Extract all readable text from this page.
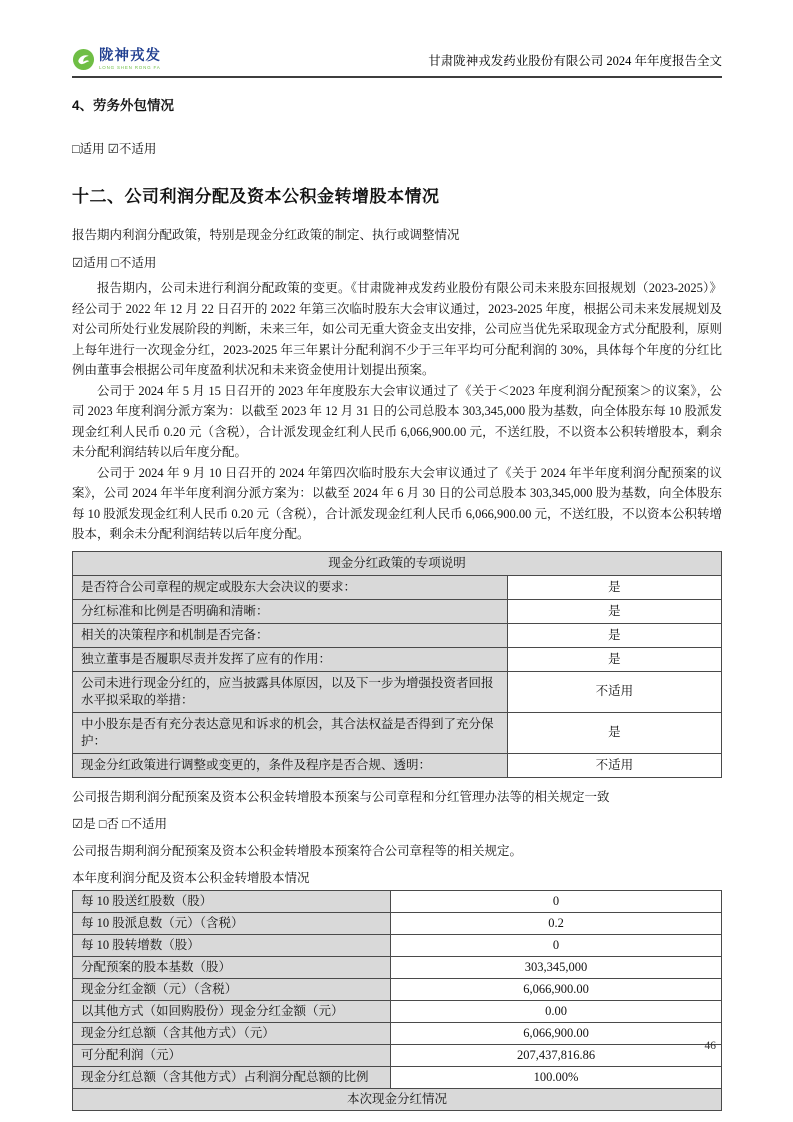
陇神戎发
LONG SHEN RONG FA	甘肃陇神戎发药业股份有限公司 2024 年年度报告全文
4、劳务外包情况
□适用 ☑不适用
十二、公司利润分配及资本公积金转增股本情况
报告期内利润分配政策，特别是现金分红政策的制定、执行或调整情况
☑适用 □不适用

报告期内，公司未进行利润分配政策的变更。《甘肃陇神戎发药业股份有限公司未来股东回报规划（2023-2025）》经公司于 2022 年 12 月 22 日召开的 2022 年第三次临时股东大会审议通过，2023-2025 年度，根据公司未来发展规划及对公司所处行业发展阶段的判断，未来三年，如公司无重大资金支出安排，公司应当优先采取现金方式分配股利，原则上每年进行一次现金分红，2023-2025 年三年累计分配利润不少于三年平均可分配利润的 30%，具体每个年度的分红比例由董事会根据公司年度盈利状况和未来资金使用计划提出预案。

公司于 2024 年 5 月 15 日召开的 2023 年年度股东大会审议通过了《关于＜2023 年度利润分配预案＞的议案》，公司 2023 年度利润分派方案为：以截至 2023 年 12 月 31 日的公司总股本 303,345,000 股为基数，向全体股东每 10 股派发现金红利人民币 0.20 元（含税），合计派发现金红利人民币 6,066,900.00 元，不送红股，不以资本公积转增股本，剩余未分配利润结转以后年度分配。

公司于 2024 年 9 月 10 日召开的 2024 年第四次临时股东大会审议通过了《关于 2024 年半年度利润分配预案的议案》，公司 2024 年半年度利润分派方案为：以截至 2024 年 6 月 30 日的公司总股本 303,345,000 股为基数，向全体股东每 10 股派发现金红利人民币 0.20 元（含税），合计派发现金红利人民币 6,066,900.00 元，不送红股，不以资本公积转增股本，剩余未分配利润结转以后年度分配。

现金分红政策的专项说明	
是否符合公司章程的规定或股东大会决议的要求：	是
分红标准和比例是否明确和清晰：	是
相关的决策程序和机制是否完备：	是
独立董事是否履职尽责并发挥了应有的作用：	是
公司未进行现金分红的，应当披露具体原因，以及下一步为增强投资者回报水平拟采取的举措：	不适用
中小股东是否有充分表达意见和诉求的机会，其合法权益是否得到了充分保护：	是
现金分红政策进行调整或变更的，条件及程序是否合规、透明：	不适用
公司报告期利润分配预案及资本公积金转增股本预案与公司章程和分红管理办法等的相关规定一致
☑是 □否 □不适用
公司报告期利润分配预案及资本公积金转增股本预案符合公司章程等的相关规定。
本年度利润分配及资本公积金转增股本情况
每 10 股送红股数（股）	0
每 10 股派息数（元）（含税）	0.2
每 10 股转增数（股）	0
分配预案的股本基数（股）	303,345,000
现金分红金额（元）（含税）	6,066,900.00
以其他方式（如回购股份）现金分红金额（元）	0.00
现金分红总额（含其他方式）（元）	6,066,900.00
可分配利润（元）	207,437,816.86
现金分红总额（含其他方式）占利润分配总额的比例	100.00%
本次现金分红情况	
46
